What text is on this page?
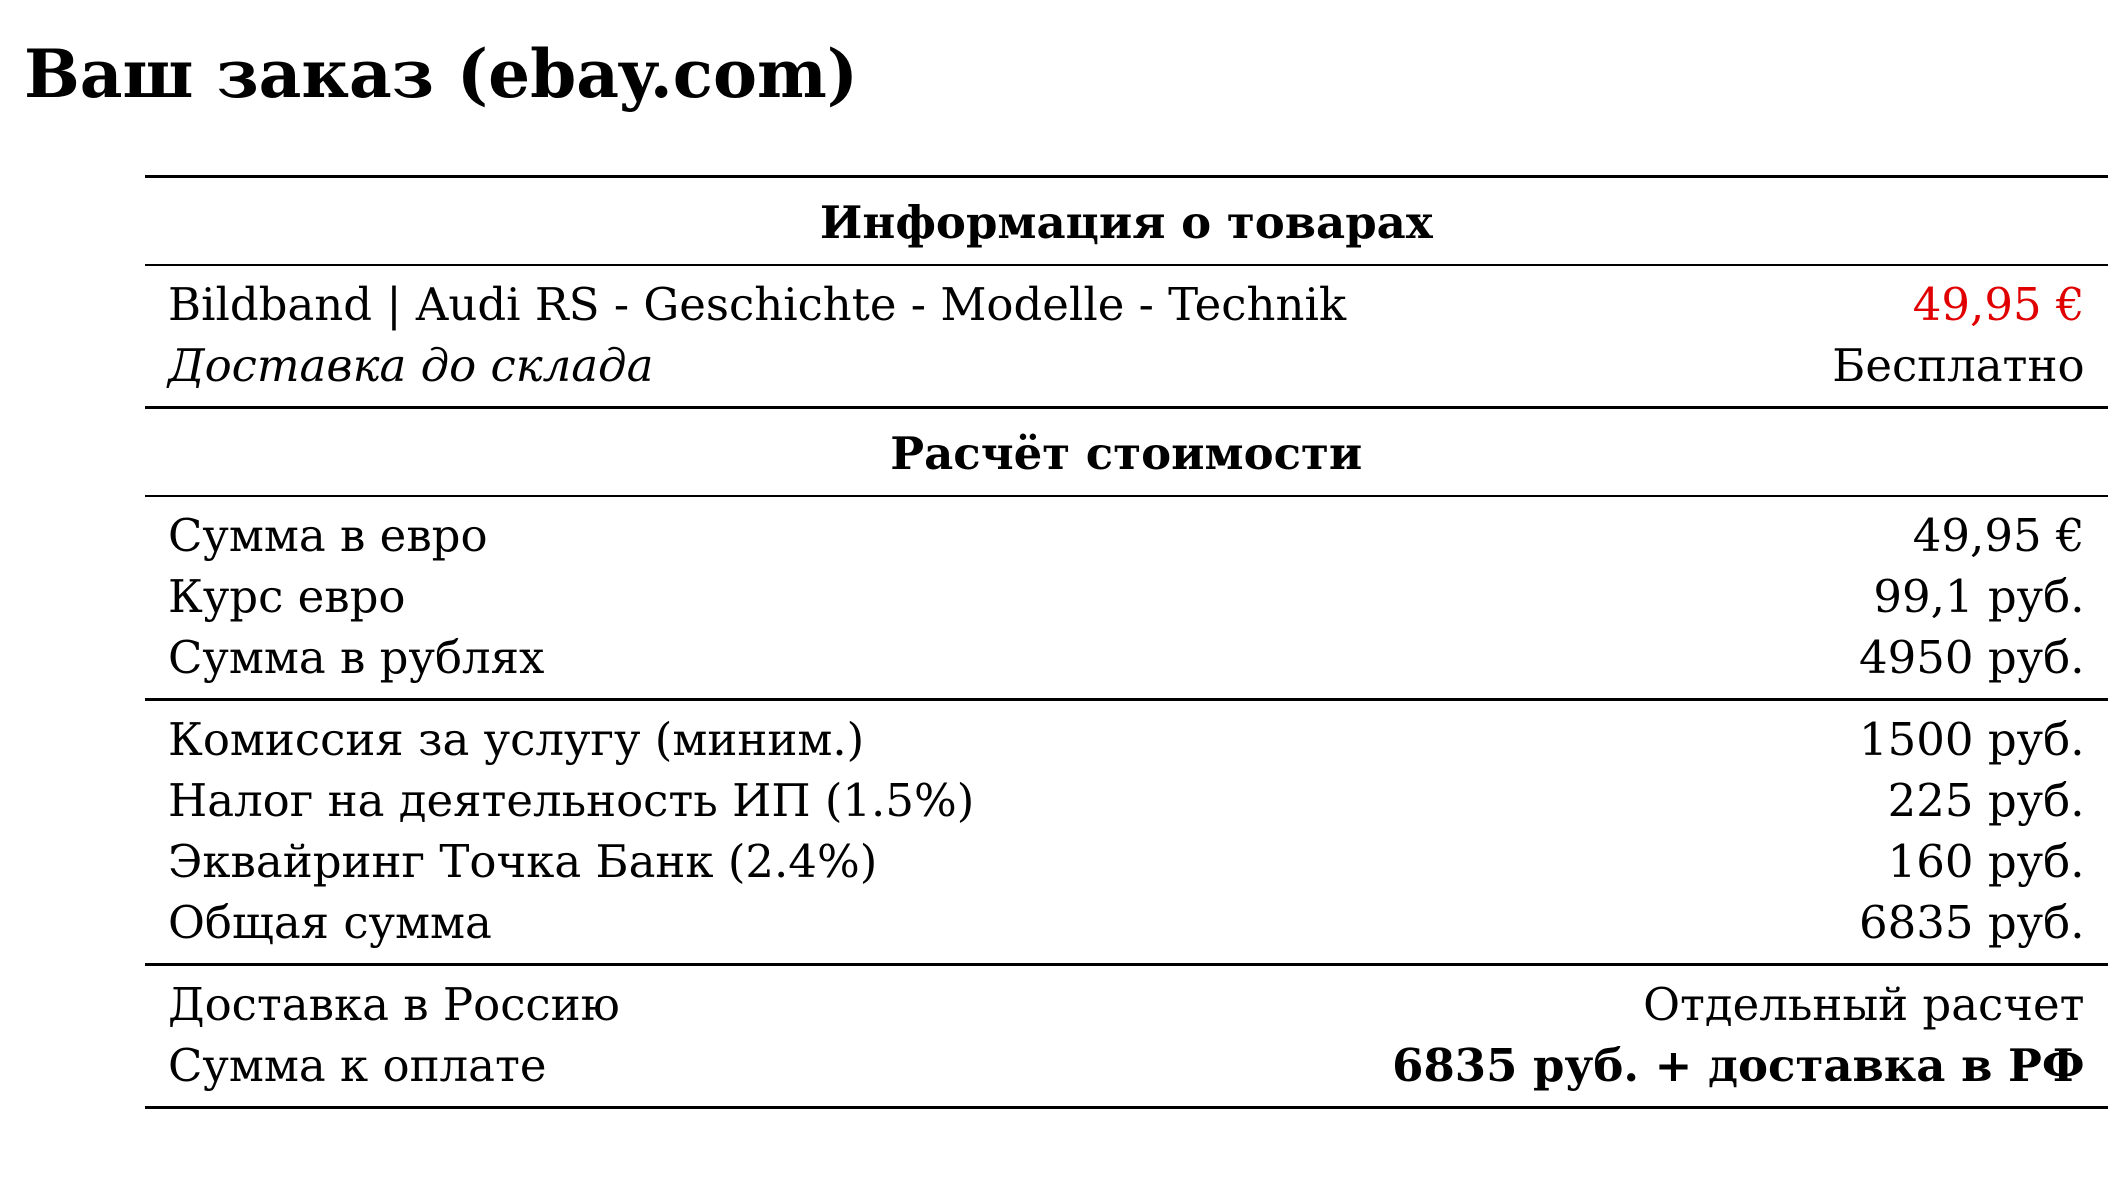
Ваш заказ (ebay.com)
Информация о товарах	
Bildband | Audi RS - Geschichte - Modelle - Technik	49,95 €
Доставка до склада	Бесплатно
Расчёт стоимости	
Сумма в евро	49,95 €
Курс евро	99,1 руб.
Сумма в рублях	4950 руб.
Комиссия за услугу (миним.)	1500 руб.
Налог на деятельность ИП (1.5%)	225 руб.
Эквайринг Точка Банк (2.4%)	160 руб.
Общая сумма	6835 руб.
Доставка в Россию	Отдельный расчет
Сумма к оплате	6835 руб. + доставка в РФ
